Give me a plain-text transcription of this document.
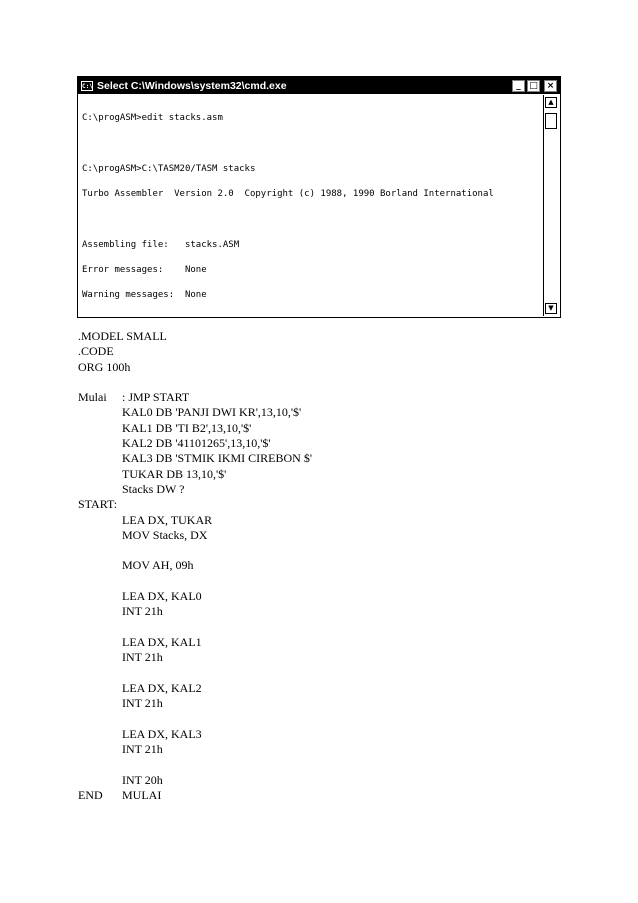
C:\ Select C:\Windows\system32\cmd.exe	_ □ ×

C:\progASM>edit stacks.asm

C:\progASM>C:\TASM20/TASM stacks

Turbo Assembler  Version 2.0  Copyright (c) 1988, 1990 Borland International

Assembling file:   stacks.ASM

Error messages:    None

Warning messages:  None

▲
▼
.MODEL SMALL
.CODE
ORG 100h
Mulai	: JMP START
KAL0 DB 'PANJI DWI KR',13,10,'$'
KAL1 DB 'TI B2',13,10,'$'
KAL2 DB '41101265',13,10,'$'
KAL3 DB 'STMIK IKMI CIREBON $'
TUKAR DB 13,10,'$'
Stacks DW ?
START:
LEA DX, TUKAR
MOV Stacks, DX
MOV AH, 09h
LEA DX, KAL0
INT 21h
LEA DX, KAL1
INT 21h
LEA DX, KAL2
INT 21h
LEA DX, KAL3
INT 21h
INT 20h
END	MULAI
